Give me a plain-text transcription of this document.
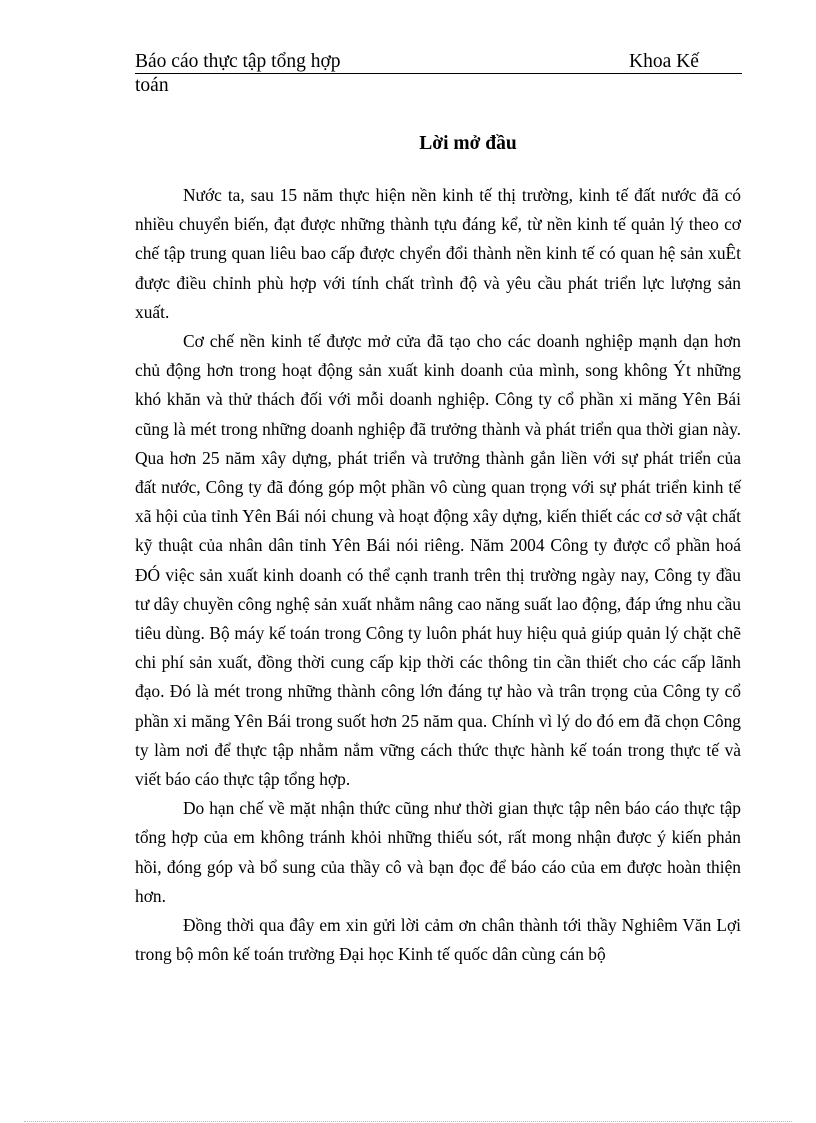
Báo cáo thực tập tổng hợp	Khoa Kế
toán
Lời mở đầu

Nước ta, sau 15 năm thực hiện nền kinh tế thị trường, kinh tế đất nước đã có nhiều chuyển biến, đạt được những thành tựu đáng kể, từ nền kinh tế quản lý theo cơ chế tập trung quan liêu bao cấp được chyển đổi thành nền kinh tế có quan hệ sản xuÊt được điều chỉnh phù hợp với tính chất trình độ và yêu cầu phát triển lực lượng sản xuất.

Cơ chế nền kinh tế được mở cửa đã tạo cho các doanh nghiệp mạnh dạn hơn chủ động hơn trong hoạt động sản xuất kinh doanh của mình, song không Ýt những khó khăn và thử thách đối với mỗi doanh nghiệp. Công ty cổ phần xi măng Yên Bái cũng là mét trong những doanh nghiệp đã trưởng thành và phát triển qua thời gian này. Qua hơn 25 năm xây dựng, phát triển và trưởng thành gắn liền với sự phát triển của đất nước, Công ty đã đóng góp một phần vô cùng quan trọng với sự phát triển kinh tế xã hội của tỉnh Yên Bái nói chung và hoạt động xây dựng, kiến thiết các cơ sở vật chất kỹ thuật của nhân dân tỉnh Yên Bái nói riêng. Năm 2004 Công ty được cổ phần hoá ĐÓ việc sản xuất kinh doanh có thể cạnh tranh trên thị trường ngày nay, Công ty đầu tư dây chuyền công nghệ sản xuất nhằm nâng cao năng suất lao động, đáp ứng nhu cầu tiêu dùng. Bộ máy kế toán trong Công ty luôn phát huy hiệu quả giúp quản lý chặt chẽ chi phí sản xuất, đồng thời cung cấp kịp thời các thông tin cần thiết cho các cấp lãnh đạo. Đó là mét trong những thành công lớn đáng tự hào và trân trọng của Công ty cổ phần xi măng Yên Bái trong suốt hơn 25 năm qua. Chính vì lý do đó em đã chọn Công ty làm nơi để thực tập nhằm nắm vững cách thức thực hành kế toán trong thực tế và viết báo cáo thực tập tổng hợp.

Do hạn chế về mặt nhận thức cũng như thời gian thực tập nên báo cáo thực tập tổng hợp của em không tránh khỏi những thiếu sót, rất mong nhận được ý kiến phản hồi, đóng góp và bổ sung của thầy cô và bạn đọc để báo cáo của em được hoàn thiện hơn.

Đồng thời qua đây em xin gửi lời cảm ơn chân thành tới thầy Nghiêm Văn Lợi trong bộ môn kế toán trường Đại học Kinh tế quốc dân cùng cán bộ
